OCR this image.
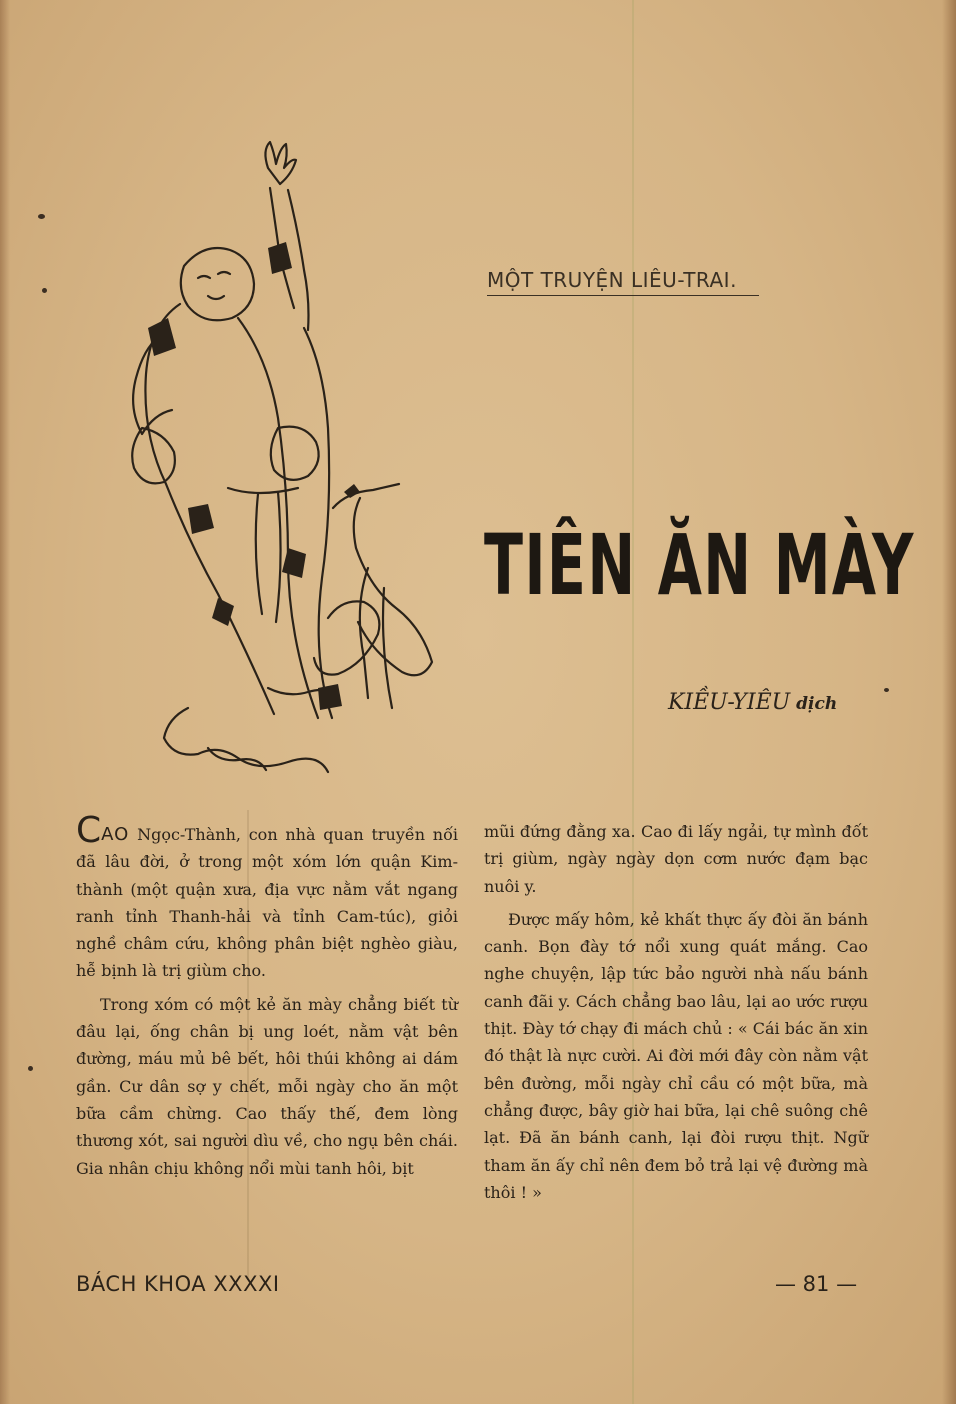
MỘT TRUYỆN LIÊU-TRAI.
TIÊN ĂN MÀY
KIỀU-YIÊU dịch

CAO Ngọc-Thành, con nhà quan truyền nối đã lâu đời, ở trong một xóm lớn quận Kim-thành (một quận xưa, địa vực nằm vắt ngang ranh tỉnh Thanh-hải và tỉnh Cam-túc), giỏi nghề châm cứu, không phân biệt nghèo giàu, hễ bịnh là trị giùm cho.

Trong xóm có một kẻ ăn mày chẳng biết từ đâu lại, ống chân bị ung loét, nằm vật bên đường, máu mủ bê bết, hôi thúi không ai dám gần. Cư dân sợ y chết, mỗi ngày cho ăn một bữa cầm chừng. Cao thấy thế, đem lòng thương xót, sai người dìu về, cho ngụ bên chái. Gia nhân chịu không nổi mùi tanh hôi, bịt

mũi đứng đằng xa. Cao đi lấy ngải, tự mình đốt trị giùm, ngày ngày dọn cơm nước đạm bạc nuôi y.

Được mấy hôm, kẻ khất thực ấy đòi ăn bánh canh. Bọn đày tớ nổi xung quát mắng. Cao nghe chuyện, lập tức bảo người nhà nấu bánh canh đãi y. Cách chẳng bao lâu, lại ao ước rượu thịt. Đày tớ chạy đi mách chủ : « Cái bác ăn xin đó thật là nực cười. Ai đời mới đây còn nằm vật bên đường, mỗi ngày chỉ cầu có một bữa, mà chẳng được, bây giờ hai bữa, lại chê suông chê lạt. Đã ăn bánh canh, lại đòi rượu thịt. Ngữ tham ăn ấy chỉ nên đem bỏ trả lại vệ đường mà thôi ! »

BÁCH KHOA XXXXI	— 81 —
